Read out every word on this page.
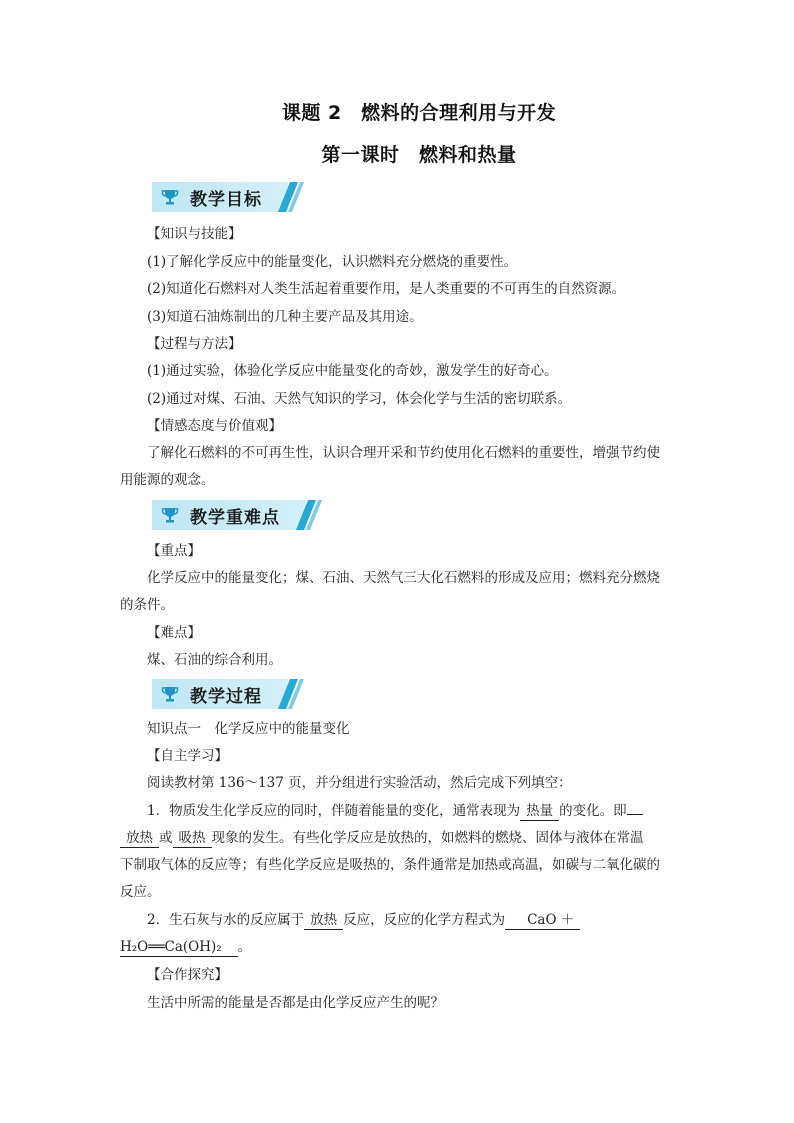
课题 2　燃料的合理利用与开发
第一课时　燃料和热量
教学目标
【知识与技能】
(1)了解化学反应中的能量变化，认识燃料充分燃烧的重要性。
(2)知道化石燃料对人类生活起着重要作用，是人类重要的不可再生的自然资源。
(3)知道石油炼制出的几种主要产品及其用途。
【过程与方法】
(1)通过实验，体验化学反应中能量变化的奇妙，激发学生的好奇心。
(2)通过对煤、石油、天然气知识的学习，体会化学与生活的密切联系。
【情感态度与价值观】
了解化石燃料的不可再生性，认识合理开采和节约使用化石燃料的重要性，增强节约使
用能源的观念。
教学重难点
【重点】
化学反应中的能量变化；煤、石油、天然气三大化石燃料的形成及应用；燃料充分燃烧
的条件。
【难点】
煤、石油的综合利用。
教学过程
知识点一　化学反应中的能量变化
【自主学习】
阅读教材第 136～137 页，并分组进行实验活动，然后完成下列填空：
1．物质发生化学反应的同时，伴随着能量的变化，通常表现为 热量 的变化。即
放热 或 吸热 现象的发生。有些化学反应是放热的，如燃料的燃烧、固体与液体在常温
下制取气体的反应等；有些化学反应是吸热的，条件通常是加热或高温，如碳与二氧化碳的
反应。
2．生石灰与水的反应属于 放热 反应，反应的化学方程式为 CaO ＋
H₂O══Ca(OH)₂ 。
【合作探究】
生活中所需的能量是否都是由化学反应产生的呢？
